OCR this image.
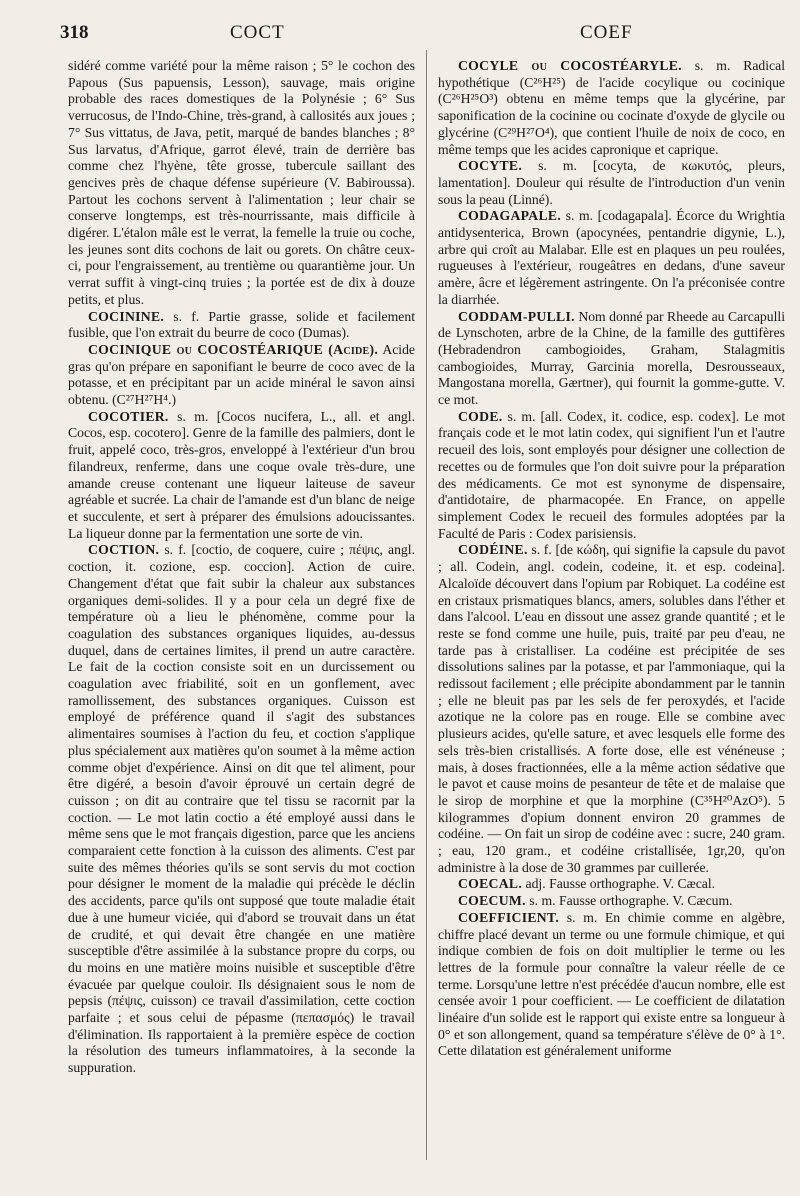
318	COCT	COEF

sidéré comme variété pour la même raison ; 5° le cochon des Papous (Sus papuensis, Lesson), sauvage, mais origine probable des races domestiques de la Polynésie ; 6° Sus verrucosus, de l'Indo-Chine, très-grand, à callosités aux joues ; 7° Sus vittatus, de Java, petit, marqué de bandes blanches ; 8° Sus larvatus, d'Afrique, garrot élevé, train de derrière bas comme chez l'hyène, tête grosse, tubercule saillant des gencives près de chaque défense supérieure (V. Babiroussa). Partout les cochons servent à l'alimentation ; leur chair se conserve longtemps, est très-nourrissante, mais difficile à digérer. L'étalon mâle est le verrat, la femelle la truie ou coche, les jeunes sont dits cochons de lait ou gorets. On châtre ceux-ci, pour l'engraissement, au trentième ou quarantième jour. Un verrat suffit à vingt-cinq truies ; la portée est de dix à douze petits, et plus.

COCININE. s. f. Partie grasse, solide et facilement fusible, que l'on extrait du beurre de coco (Dumas).

COCINIQUE ou COCOSTÉARIQUE (Acide). Acide gras qu'on prépare en saponifiant le beurre de coco avec de la potasse, et en précipitant par un acide minéral le savon ainsi obtenu. (C²⁷H²⁷H⁴.)

COCOTIER. s. m. [Cocos nucifera, L., all. et angl. Cocos, esp. cocotero]. Genre de la famille des palmiers, dont le fruit, appelé coco, très-gros, enveloppé à l'extérieur d'un brou filandreux, renferme, dans une coque ovale très-dure, une amande creuse contenant une liqueur laiteuse de saveur agréable et sucrée. La chair de l'amande est d'un blanc de neige et succulente, et sert à préparer des émulsions adoucissantes. La liqueur donne par la fermentation une sorte de vin.

COCTION. s. f. [coctio, de coquere, cuire ; πέψις, angl. coction, it. cozione, esp. coccion]. Action de cuire. Changement d'état que fait subir la chaleur aux substances organiques demi-solides. Il y a pour cela un degré fixe de température où a lieu le phénomène, comme pour la coagulation des substances organiques liquides, au-dessus duquel, dans de certaines limites, il prend un autre caractère. Le fait de la coction consiste soit en un durcissement ou coagulation avec friabilité, soit en un gonflement, avec ramollissement, des substances organiques. Cuisson est employé de préférence quand il s'agit des substances alimentaires soumises à l'action du feu, et coction s'applique plus spécialement aux matières qu'on soumet à la même action comme objet d'expérience. Ainsi on dit que tel aliment, pour être digéré, a besoin d'avoir éprouvé un certain degré de cuisson ; on dit au contraire que tel tissu se racornit par la coction. — Le mot latin coctio a été employé aussi dans le même sens que le mot français digestion, parce que les anciens comparaient cette fonction à la cuisson des aliments. C'est par suite des mêmes théories qu'ils se sont servis du mot coction pour désigner le moment de la maladie qui précède le déclin des accidents, parce qu'ils ont supposé que toute maladie était due à une humeur viciée, qui d'abord se trouvait dans un état de crudité, et qui devait être changée en une matière susceptible d'être assimilée à la substance propre du corps, ou du moins en une matière moins nuisible et susceptible d'être évacuée par quelque couloir. Ils désignaient sous le nom de pepsis (πέψις, cuisson) ce travail d'assimilation, cette coction parfaite ; et sous celui de pépasme (πεπασμός) le travail d'élimination. Ils rapportaient à la première espèce de coction la résolution des tumeurs inflammatoires, à la seconde la suppuration.

COCYLE ou COCOSTÉARYLE. s. m. Radical hypothétique (C²⁶H²⁵) de l'acide cocylique ou cocinique (C²⁶H²⁵O³) obtenu en même temps que la glycérine, par saponification de la cocinine ou cocinate d'oxyde de glycile ou glycérine (C²⁹H²⁷O⁴), que contient l'huile de noix de coco, en même temps que les acides capronique et caprique.

COCYTE. s. m. [cocyta, de κωκυτός, pleurs, lamentation]. Douleur qui résulte de l'introduction d'un venin sous la peau (Linné).

CODAGAPALE. s. m. [codagapala]. Écorce du Wrightia antidysenterica, Brown (apocynées, pentandrie digynie, L.), arbre qui croît au Malabar. Elle est en plaques un peu roulées, rugueuses à l'extérieur, rougeâtres en dedans, d'une saveur amère, âcre et légèrement astringente. On l'a préconisée contre la diarrhée.

CODDAM-PULLI. Nom donné par Rheede au Carcapulli de Lynschoten, arbre de la Chine, de la famille des guttifères (Hebradendron cambogioides, Graham, Stalagmitis cambogioides, Murray, Garcinia morella, Desrousseaux, Mangostana morella, Gærtner), qui fournit la gomme-gutte. V. ce mot.

CODE. s. m. [all. Codex, it. codice, esp. codex]. Le mot français code et le mot latin codex, qui signifient l'un et l'autre recueil des lois, sont employés pour désigner une collection de recettes ou de formules que l'on doit suivre pour la préparation des médicaments. Ce mot est synonyme de dispensaire, d'antidotaire, de pharmacopée. En France, on appelle simplement Codex le recueil des formules adoptées par la Faculté de Paris : Codex parisiensis.

CODÉINE. s. f. [de κώδη, qui signifie la capsule du pavot ; all. Codein, angl. codein, codeine, it. et esp. codeina]. Alcaloïde découvert dans l'opium par Robiquet. La codéine est en cristaux prismatiques blancs, amers, solubles dans l'éther et dans l'alcool. L'eau en dissout une assez grande quantité ; et le reste se fond comme une huile, puis, traité par peu d'eau, ne tarde pas à cristalliser. La codéine est précipitée de ses dissolutions salines par la potasse, et par l'ammoniaque, qui la redissout facilement ; elle précipite abondamment par le tannin ; elle ne bleuit pas par les sels de fer peroxydés, et l'acide azotique ne la colore pas en rouge. Elle se combine avec plusieurs acides, qu'elle sature, et avec lesquels elle forme des sels très-bien cristallisés. A forte dose, elle est vénéneuse ; mais, à doses fractionnées, elle a la même action sédative que le pavot et cause moins de pesanteur de tête et de malaise que le sirop de morphine et que la morphine (C³⁵H²⁰AzO⁵). 5 kilogrammes d'opium donnent environ 20 grammes de codéine. — On fait un sirop de codéine avec : sucre, 240 gram. ; eau, 120 gram., et codéine cristallisée, 1gr,20, qu'on administre à la dose de 30 grammes par cuillerée.

COECAL. adj. Fausse orthographe. V. Cæcal.

COECUM. s. m. Fausse orthographe. V. Cæcum.

COEFFICIENT. s. m. En chimie comme en algèbre, chiffre placé devant un terme ou une formule chimique, et qui indique combien de fois on doit multiplier le terme ou les lettres de la formule pour connaître la valeur réelle de ce terme. Lorsqu'une lettre n'est précédée d'aucun nombre, elle est censée avoir 1 pour coefficient. — Le coefficient de dilatation linéaire d'un solide est le rapport qui existe entre sa longueur à 0° et son allongement, quand sa température s'élève de 0° à 1°. Cette dilatation est généralement uniforme
